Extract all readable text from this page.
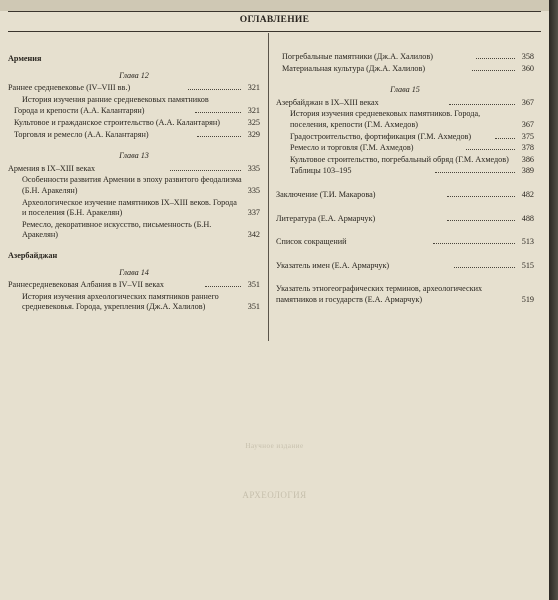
ОГЛАВЛЕНИЕ
Армения
Глава 12
Раннее средневековье (IV–VIII вв.)	321
История изучения ранние средневековых памятников
Города и крепости (А.А. Калантарян)	321
Культовое и гражданское строительство (А.А. Калантарян)	325
Торговля и ремесло (А.А. Калантарян)	329
Глава 13
Армения в IX–XIII веках	335
Особенности развития Армении в эпоху развитого феодализма (Б.Н. Аракелян)	335
Археологическое изучение памятников IX–XIII веков. Города и поселения (Б.Н. Аракелян)	337
Ремесло, декоративное искусство, письменность (Б.Н. Аракелян)	342
Азербайджан
Глава 14
Раннесредневековая Албания в IV–VII веках	351
История изучения археологических памятников раннего средневековья. Города, укрепления (Дж.А. Халилов)	351
Погребальные памятники (Дж.А. Халилов)	358
Материальная культура (Дж.А. Халилов)	360
Глава 15
Азербайджан в IX–XIII веках	367
История изучения средневековых памятников. Города, поселения, крепости (Г.М. Ахмедов)	367
Градостроительство, фортификация (Г.М. Ахмедов)	375
Ремесло и торговля (Г.М. Ахмедов)	378
Культовое строительство, погребальный обряд (Г.М. Ахмедов)	386
Таблицы 103–195	389
Заключение (Т.И. Макарова)	482
Литература (Е.А. Армарчук)	488
Список сокращений	513
Указатель имен (Е.А. Армарчук)	515
Указатель этногеографических терминов, археологических памятников и государств (Е.А. Армарчук)	519
Научное издание
АРХЕОЛОГИЯ
